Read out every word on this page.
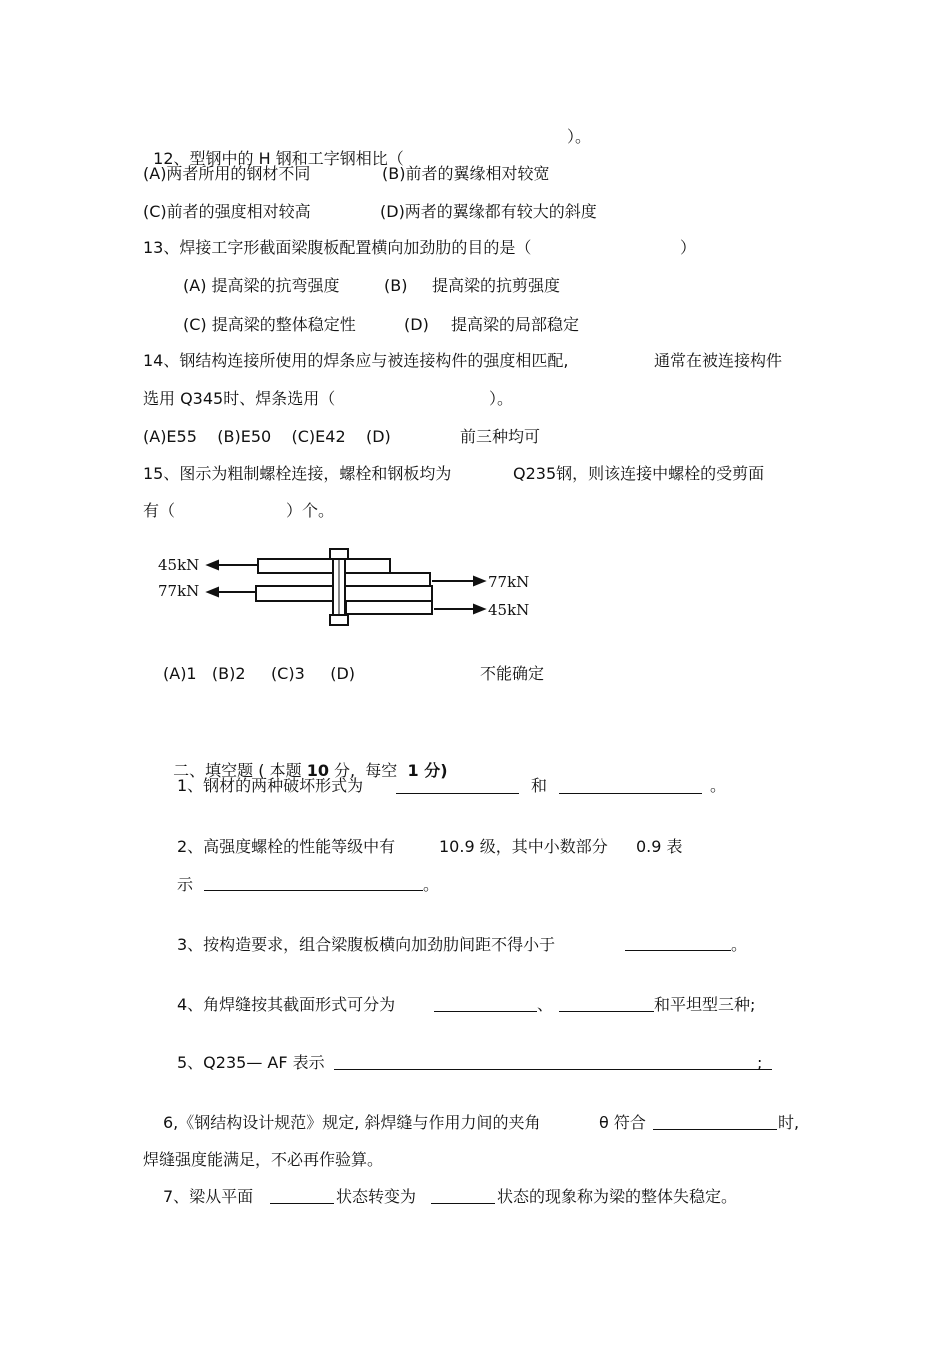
12、型钢中的 H 钢和工字钢相比（

）。
(A)两者所用的钢材不同	(B)前者的翼缘相对较宽
(C)前者的强度相对较高	(D)两者的翼缘都有较大的斜度
13、焊接工字形截面梁腹板配置横向加劲肋的目的是（	）
(A) 提高梁的抗弯强度	(B) 提高梁的抗剪强度
(C) 提高梁的整体稳定性	(D) 提高梁的局部稳定
14、钢结构连接所使用的焊条应与被连接构件的强度相匹配,	通常在被连接构件
选用 Q345时、焊条选用（	）。
(A)E55    (B)E50    (C)E42    (D)	前三种均可
15、图示为粗制螺栓连接，螺栓和钢板均为	Q235钢，则该连接中螺栓的受剪面
有（	）个。
45kN
77kN	77kN
45kN
(A)1   (B)2     (C)3     (D)	不能确定

二、填空题 ( 本题 10 分,  每空  1 分)

1、钢材的两种破坏形式为	和	。
2、高强度螺栓的性能等级中有	10.9 级，其中小数部分 0.9 表
示	。
3、按构造要求，组合梁腹板横向加劲肋间距不得小于	。
4、角焊缝按其截面形式可分为	、	和平坦型三种;
5、Q235— AF 表示	;
6,《钢结构设计规范》规定, 斜焊缝与作用力间的夹角	θ 符合	时,
焊缝强度能满足，不必再作验算。
7、梁从平面	状态转变为	状态的现象称为梁的整体失稳定。
